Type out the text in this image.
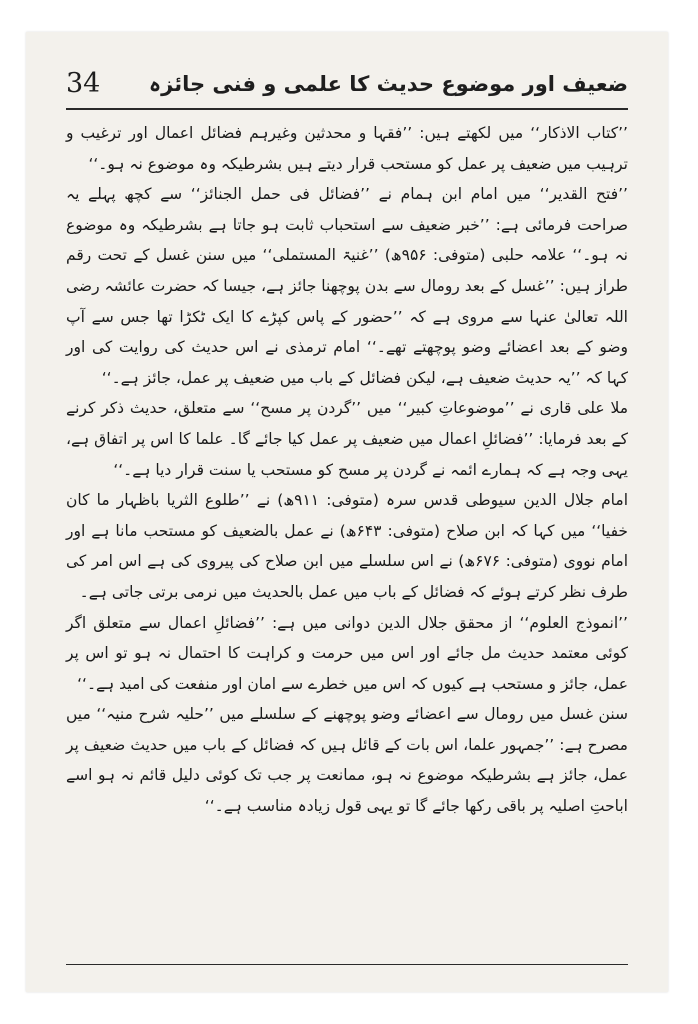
34 ضعیف اور موضوع حدیث کا علمی و فنی جائزہ

’’کتاب الاذکار‘‘ میں لکھتے ہیں: ’’فقہا و محدثین وغیرہم فضائل اعمال اور ترغیب و ترہیب میں ضعیف پر عمل کو مستحب قرار دیتے ہیں بشرطیکہ وہ موضوع نہ ہو۔‘‘

’’فتح القدیر‘‘ میں امام ابن ہمام نے ’’فضائل فی حمل الجنائز‘‘ سے کچھ پہلے یہ صراحت فرمائی ہے: ’’خبر ضعیف سے استحباب ثابت ہو جاتا ہے بشرطیکہ وہ موضوع نہ ہو۔‘‘ علامہ حلبی (متوفی: ۹۵۶ھ) ’’غنیۃ المستملی‘‘ میں سنن غسل کے تحت رقم طراز ہیں: ’’غسل کے بعد رومال سے بدن پوچھنا جائز ہے، جیسا کہ حضرت عائشہ رضی اللہ تعالیٰ عنہا سے مروی ہے کہ ’’حضور کے پاس کپڑے کا ایک ٹکڑا تھا جس سے آپ وضو کے بعد اعضائے وضو پوچھتے تھے۔‘‘ امام ترمذی نے اس حدیث کی روایت کی اور کہا کہ ’’یہ حدیث ضعیف ہے، لیکن فضائل کے باب میں ضعیف پر عمل، جائز ہے۔‘‘

ملا علی قاری نے ’’موضوعاتِ کبیر‘‘ میں ’’گردن پر مسح‘‘ سے متعلق، حدیث ذکر کرنے کے بعد فرمایا: ’’فضائلِ اعمال میں ضعیف پر عمل کیا جائے گا۔ علما کا اس پر اتفاق ہے، یہی وجہ ہے کہ ہمارے ائمہ نے گردن پر مسح کو مستحب یا سنت قرار دیا ہے۔‘‘

امام جلال الدین سیوطی قدس سرہ (متوفی: ۹۱۱ھ) نے ’’طلوع الثریا باظہار ما کان خفیا‘‘ میں کہا کہ ابن صلاح (متوفی: ۶۴۳ھ) نے عمل بالضعیف کو مستحب مانا ہے اور امام نووی (متوفی: ۶۷۶ھ) نے اس سلسلے میں ابن صلاح کی پیروی کی ہے اس امر کی طرف نظر کرتے ہوئے کہ فضائل کے باب میں عمل بالحدیث میں نرمی برتی جاتی ہے۔

’’انموذج العلوم‘‘ از محقق جلال الدین دوانی میں ہے: ’’فضائلِ اعمال سے متعلق اگر کوئی معتمد حدیث مل جائے اور اس میں حرمت و کراہت کا احتمال نہ ہو تو اس پر عمل، جائز و مستحب ہے کیوں کہ اس میں خطرے سے امان اور منفعت کی امید ہے۔‘‘

سنن غسل میں رومال سے اعضائے وضو پوچھنے کے سلسلے میں ’’حلیہ شرح منیہ‘‘ میں مصرح ہے: ’’جمہور علما، اس بات کے قائل ہیں کہ فضائل کے باب میں حدیث ضعیف پر عمل، جائز ہے بشرطیکہ موضوع نہ ہو، ممانعت پر جب تک کوئی دلیل قائم نہ ہو اسے اباحتِ اصلیہ پر باقی رکھا جائے گا تو یہی قول زیادہ مناسب ہے۔‘‘
